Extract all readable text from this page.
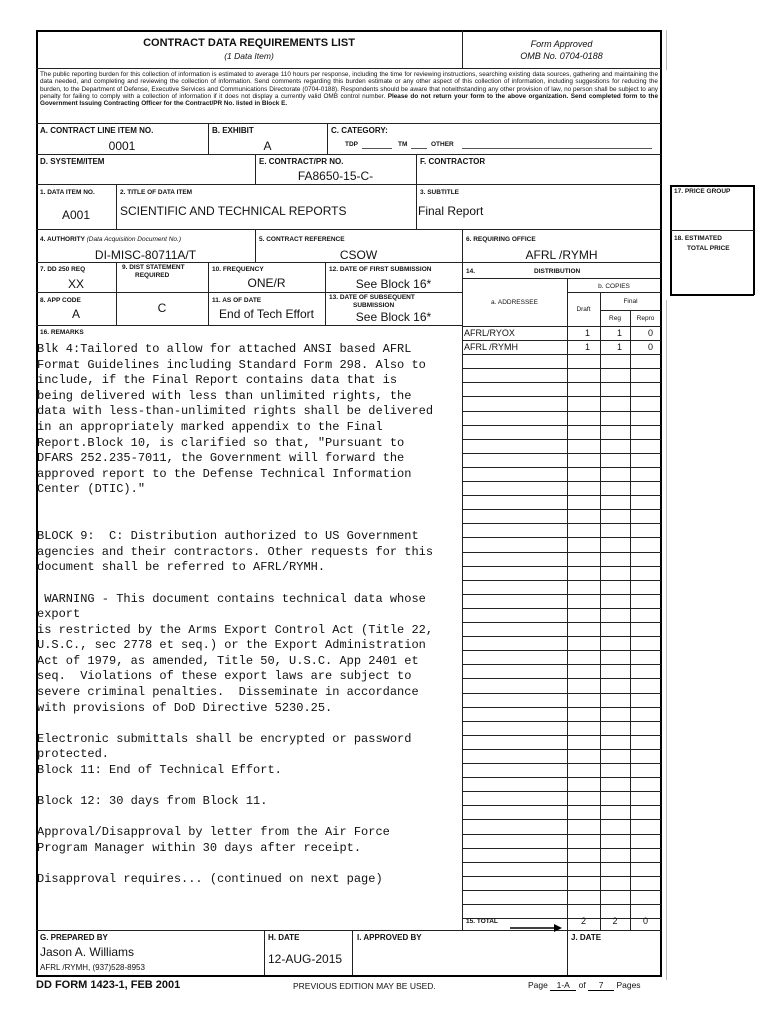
CONTRACT DATA REQUIREMENTS LIST
(1 Data Item)
Form Approved
OMB No. 0704-0188
The public reporting burden for this collection of information is estimated to average 110 hours per response, including the time for reviewing instructions, searching existing data sources, gathering and maintaining the data needed, and completing and reviewing the collection of information. Send comments regarding this burden estimate or any other aspect of this collection of information, including suggestions for reducing the burden, to the Department of Defense, Executive Services and Communications Directorate (0704-0188). Respondents should be aware that notwithstanding any other provision of law, no person shall be subject to any penalty for failing to comply with a collection of information if it does not display a currently valid OMB control number. Please do not return your form to the above organization. Send completed form to the Government Issuing Contracting Officer for the Contract/PR No. listed in Block E.
A. CONTRACT LINE ITEM NO.
0001
B. EXHIBIT
A
C. CATEGORY:
TDP	TM	OTHER
D. SYSTEM/ITEM	E. CONTRACT/PR NO.
FA8650-15-C-
F. CONTRACTOR
1. DATA ITEM NO.
A001
2. TITLE OF DATA ITEM
SCIENTIFIC AND TECHNICAL REPORTS
3. SUBTITLE
Final Report
17. PRICE GROUP
18. ESTIMATED
TOTAL PRICE
4. AUTHORITY (Data Acquisition Document No.)
DI-MISC-80711A/T
5. CONTRACT REFERENCE
CSOW
6. REQUIRING OFFICE
AFRL /RYMH
7. DD 250 REQ
XX
8. APP CODE
A
9. DIST STATEMENT
REQUIRED
C
10. FREQUENCY
ONE/R
11. AS OF DATE
End of Tech Effort
12. DATE OF FIRST SUBMISSION
See Block 16*
13. DATE OF SUBSEQUENT
SUBMISSION
See Block 16*
14.	DISTRIBUTION
a. ADDRESSEE
b. COPIES
Draft
Final
Reg	Repro
AFRL/RYOX	1	1	0
AFRL /RYMH	1	1	0
15. TOTAL	2	2	0
16. REMARKS
Blk 4:Tailored to allow for attached ANSI based AFRL
Format Guidelines including Standard Form 298. Also to
include, if the Final Report contains data that is
being delivered with less than unlimited rights, the
data with less-than-unlimited rights shall be delivered
in an appropriately marked appendix to the Final
Report.Block 10, is clarified so that, "Pursuant to
DFARS 252.235-7011, the Government will forward the
approved report to the Defense Technical Information
Center (DTIC)."

BLOCK 9:  C: Distribution authorized to US Government
agencies and their contractors. Other requests for this
document shall be referred to AFRL/RYMH.

WARNING - This document contains technical data whose
export
is restricted by the Arms Export Control Act (Title 22,
U.S.C., sec 2778 et seq.) or the Export Administration
Act of 1979, as amended, Title 50, U.S.C. App 2401 et
seq.  Violations of these export laws are subject to
severe criminal penalties.  Disseminate in accordance
with provisions of DoD Directive 5230.25.

Electronic submittals shall be encrypted or password
protected.
Block 11: End of Technical Effort.

Block 12: 30 days from Block 11.

Approval/Disapproval by letter from the Air Force
Program Manager within 30 days after receipt.

Disapproval requires... (continued on next page)
G. PREPARED BY
Jason A. Williams
AFRL /RYMH, (937)528-8953
H. DATE
12-AUG-2015
I. APPROVED BY	J. DATE
DD FORM 1423-1, FEB 2001	PREVIOUS EDITION MAY BE USED.	Page 1-A of 7 Pages
